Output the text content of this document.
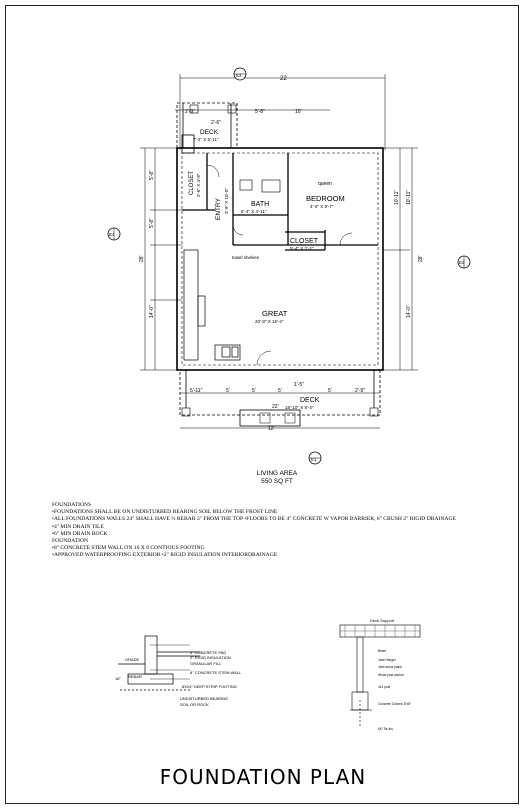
22
2'-9"	5'-8"	10'
2'-6"
E3
DECK
7'-2" X 5'-11"
CLOSET 2'-6" X 4'-8"
ENTRY 3'-9" X 10'-0"	BATH
5'-4" X 4'-11"
queen
BEDROOM
4'-0" X 8'-7"
CLOSET
5'-4" X 2'-2"
towel shelves
GREAT
20'-8" X 15'-4"
5'-8"
5'-8"
28'
14'-0"
E4
10'-11" 10'-11"
28'
14'-0"
E2
5'-11"	5'	5'	5'	5'	2'-9"
1'-5"
22'
DECK
18'-10" X 8'-4"
12'
E1
4" CONCRETE PAD
2" RIGID INSULATION
GRANULAR FILL
8" CONCRETE STEM WALL
GRADE
REBAR
16"
8X24" DEEP STRIP FOOTING
UNDISTURBED BEARING
SOIL OR ROCK
Deck Support
Beam
Joist Hanger
Joist ancor plank
Wood post anchor
4x4 post
Concrete Column 8"x8"
6/0 Tie-Ins
LIVING AREA
550 SQ FT
FOUNDATIONS
•FOUNDATIONS SHALL BE ON UNDISTURBED BEARING SOIL BELOW THE FROST LINE
•ALL FOUNDATIONS WALLS 24" SHALL HAVE ½ REBAR 3" FROM THE TOP •FLOORS TO BE 4" CONCRETE W VAPOR BARRIER, 6" CRUSH 2" RIGID DRAINAGE
•4" MIN DRAIN TILE
•6" MIN DRAIN ROCK
FOUNDATION
•8" CONCRETE STEM WALL ON 16 X 8 CONTIOUS FOOTING
•APPROVED WATERPROOFING EXTERIOR •2" RIGID INSULATION INTERIORDRAINAGE
FOUNDATION PLAN
